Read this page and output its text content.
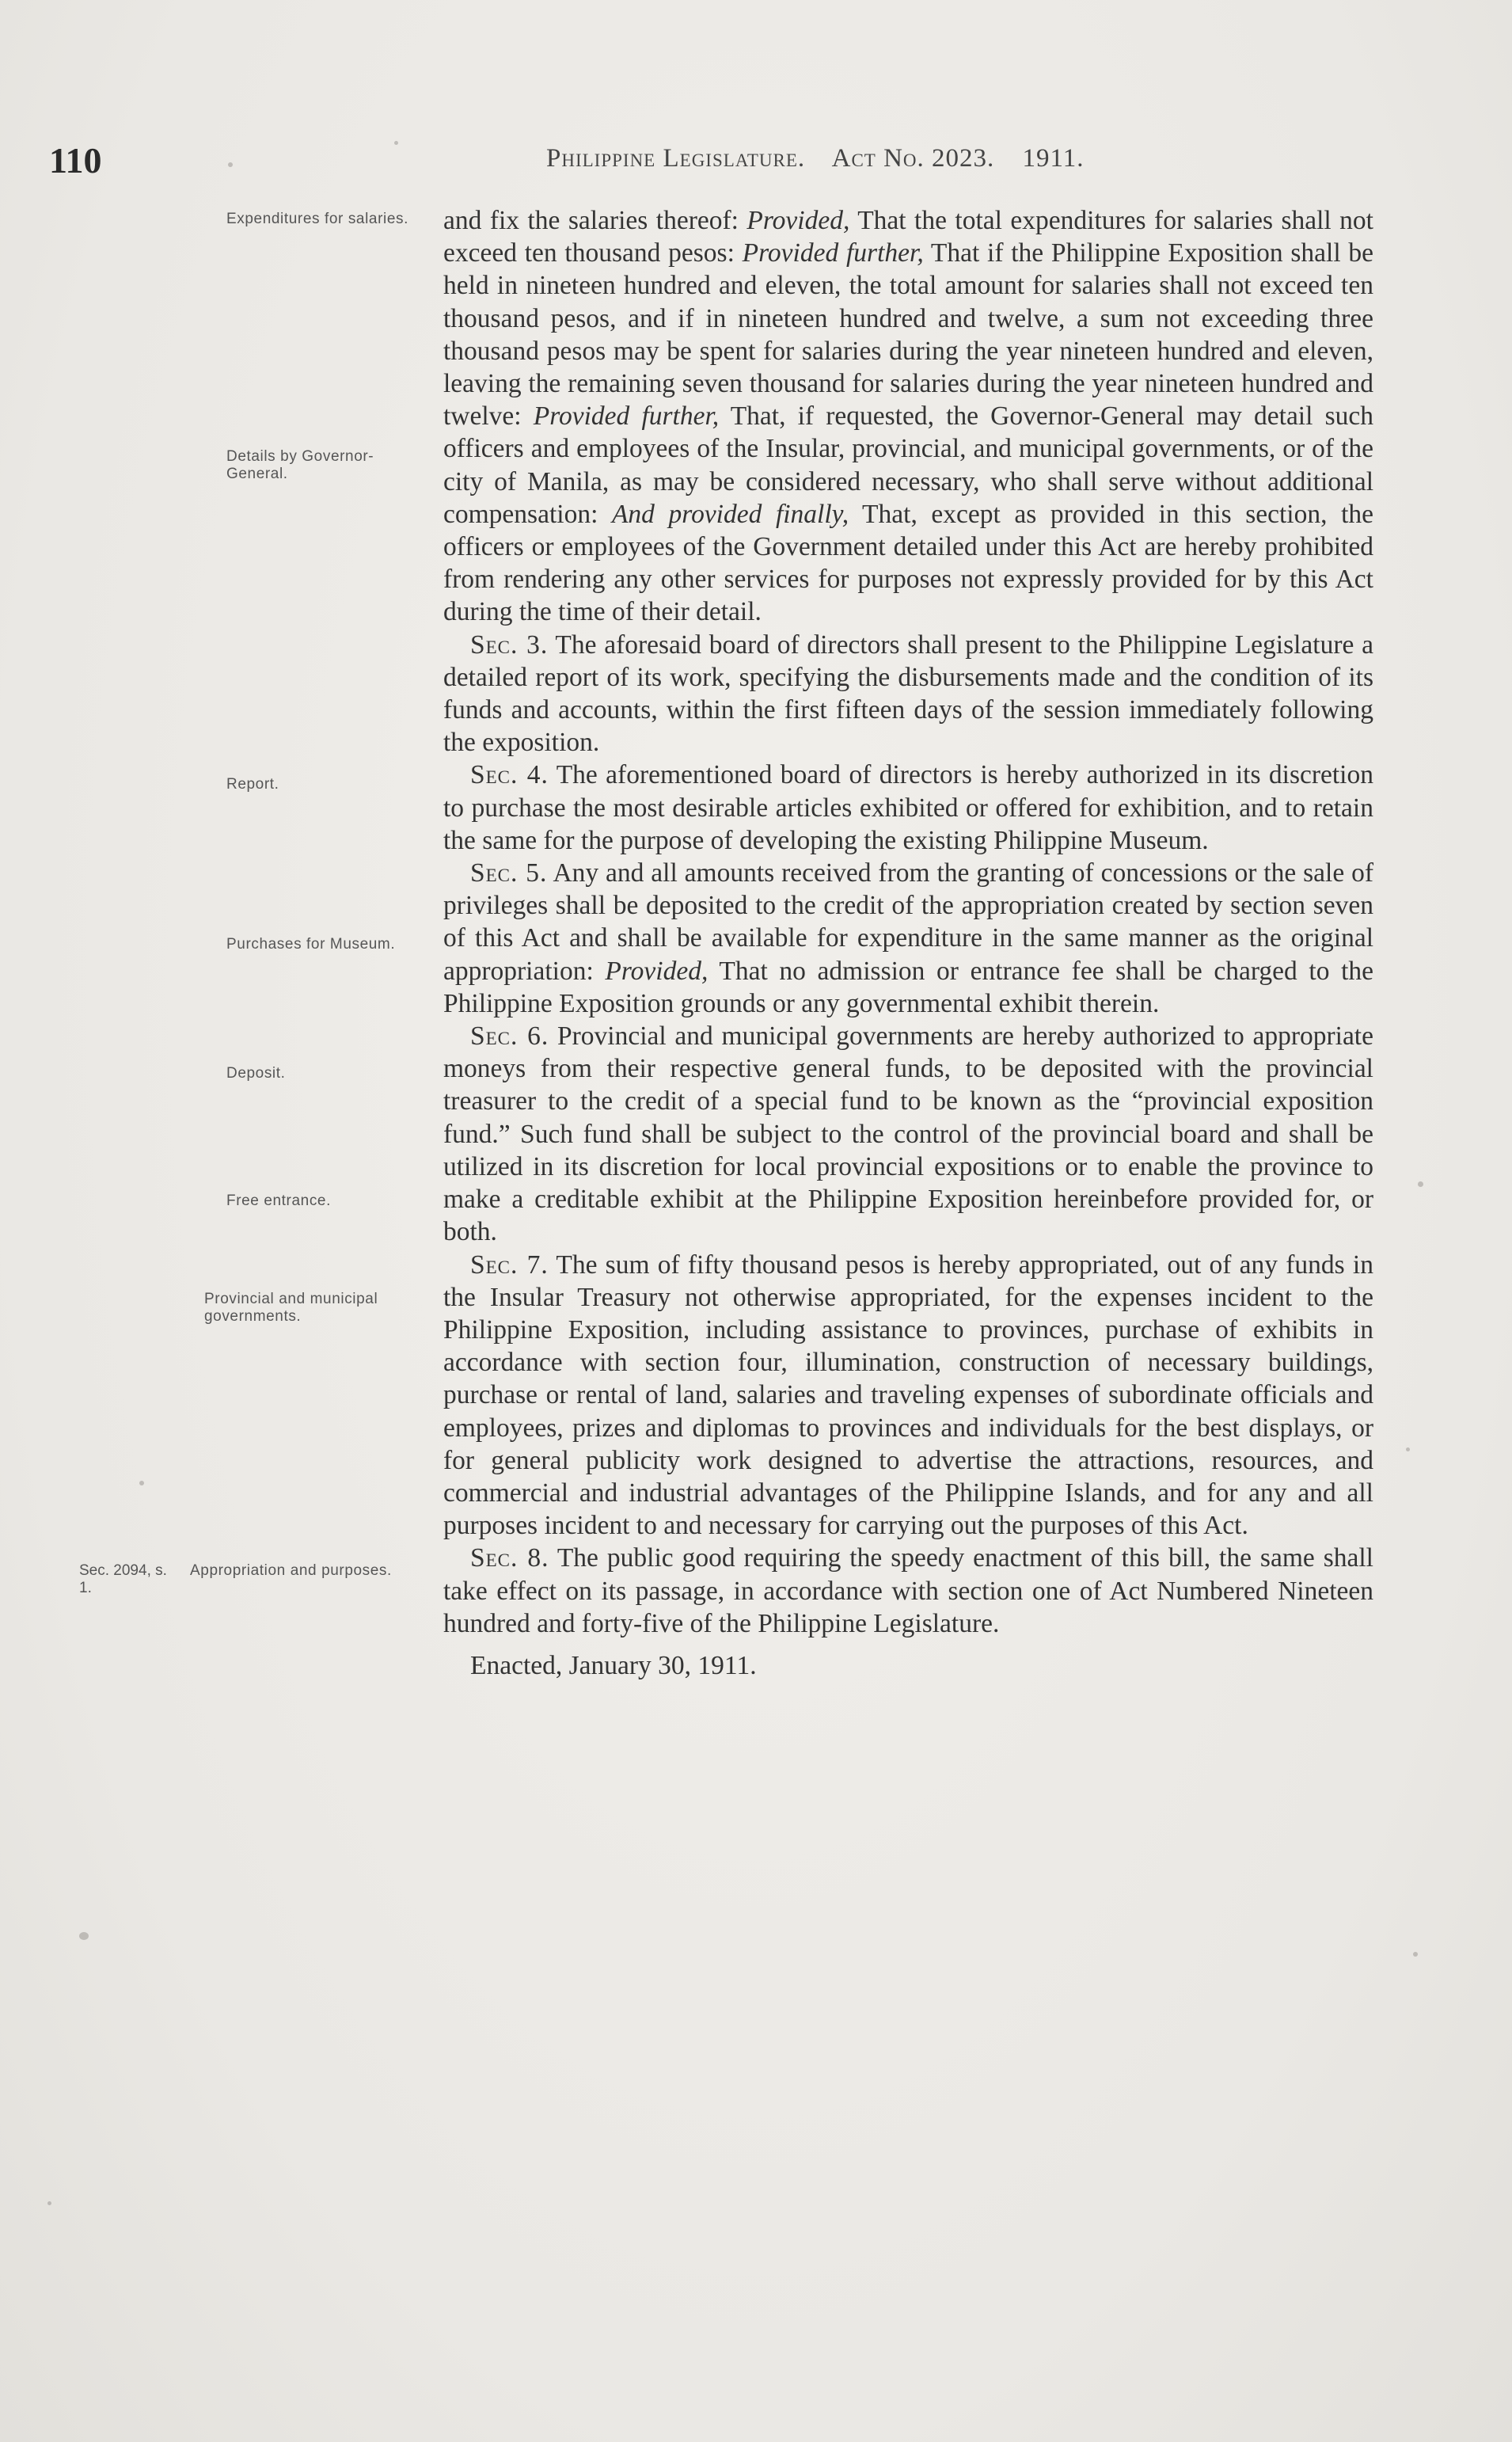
110	Philippine Legislature. Act No. 2023. 1911.
Expenditures for salaries.
Details by Governor-General.
Report.
Purchases for Museum.
Deposit.
Free entrance.
Provincial and municipal governments.
Appropriation and purposes.
Sec. 2094, s. 1.

and fix the salaries thereof: Provided, That the total expenditures for salaries shall not exceed ten thousand pesos: Provided further, That if the Philippine Exposition shall be held in nineteen hundred and eleven, the total amount for salaries shall not exceed ten thousand pesos, and if in nineteen hundred and twelve, a sum not exceeding three thousand pesos may be spent for salaries during the year nineteen hundred and eleven, leaving the remaining seven thousand for salaries during the year nineteen hundred and twelve: Provided further, That, if requested, the Governor-General may detail such officers and employees of the Insular, provincial, and municipal governments, or of the city of Manila, as may be considered necessary, who shall serve without additional compensation: And provided finally, That, except as provided in this section, the officers or employees of the Government detailed under this Act are hereby prohibited from rendering any other services for purposes not expressly provided for by this Act during the time of their detail.

Sec. 3. The aforesaid board of directors shall present to the Philippine Legislature a detailed report of its work, specifying the disbursements made and the condition of its funds and accounts, within the first fifteen days of the session immediately following the exposition.

Sec. 4. The aforementioned board of directors is hereby authorized in its discretion to purchase the most desirable articles exhibited or offered for exhibition, and to retain the same for the purpose of developing the existing Philippine Museum.

Sec. 5. Any and all amounts received from the granting of concessions or the sale of privileges shall be deposited to the credit of the appropriation created by section seven of this Act and shall be available for expenditure in the same manner as the original appropriation: Provided, That no admission or entrance fee shall be charged to the Philippine Exposition grounds or any governmental exhibit therein.

Sec. 6. Provincial and municipal governments are hereby authorized to appropriate moneys from their respective general funds, to be deposited with the provincial treasurer to the credit of a special fund to be known as the “provincial exposition fund.” Such fund shall be subject to the control of the provincial board and shall be utilized in its discretion for local provincial expositions or to enable the province to make a creditable exhibit at the Philippine Exposition hereinbefore provided for, or both.

Sec. 7. The sum of fifty thousand pesos is hereby appropriated, out of any funds in the Insular Treasury not otherwise appropriated, for the expenses incident to the Philippine Exposition, including assistance to provinces, purchase of exhibits in accordance with section four, illumination, construction of necessary buildings, purchase or rental of land, salaries and traveling expenses of subordinate officials and employees, prizes and diplomas to provinces and individuals for the best displays, or for general publicity work designed to advertise the attractions, resources, and commercial and industrial advantages of the Philippine Islands, and for any and all purposes incident to and necessary for carrying out the purposes of this Act.

Sec. 8. The public good requiring the speedy enactment of this bill, the same shall take effect on its passage, in accordance with section one of Act Numbered Nineteen hundred and forty-five of the Philippine Legislature.

Enacted, January 30, 1911.
